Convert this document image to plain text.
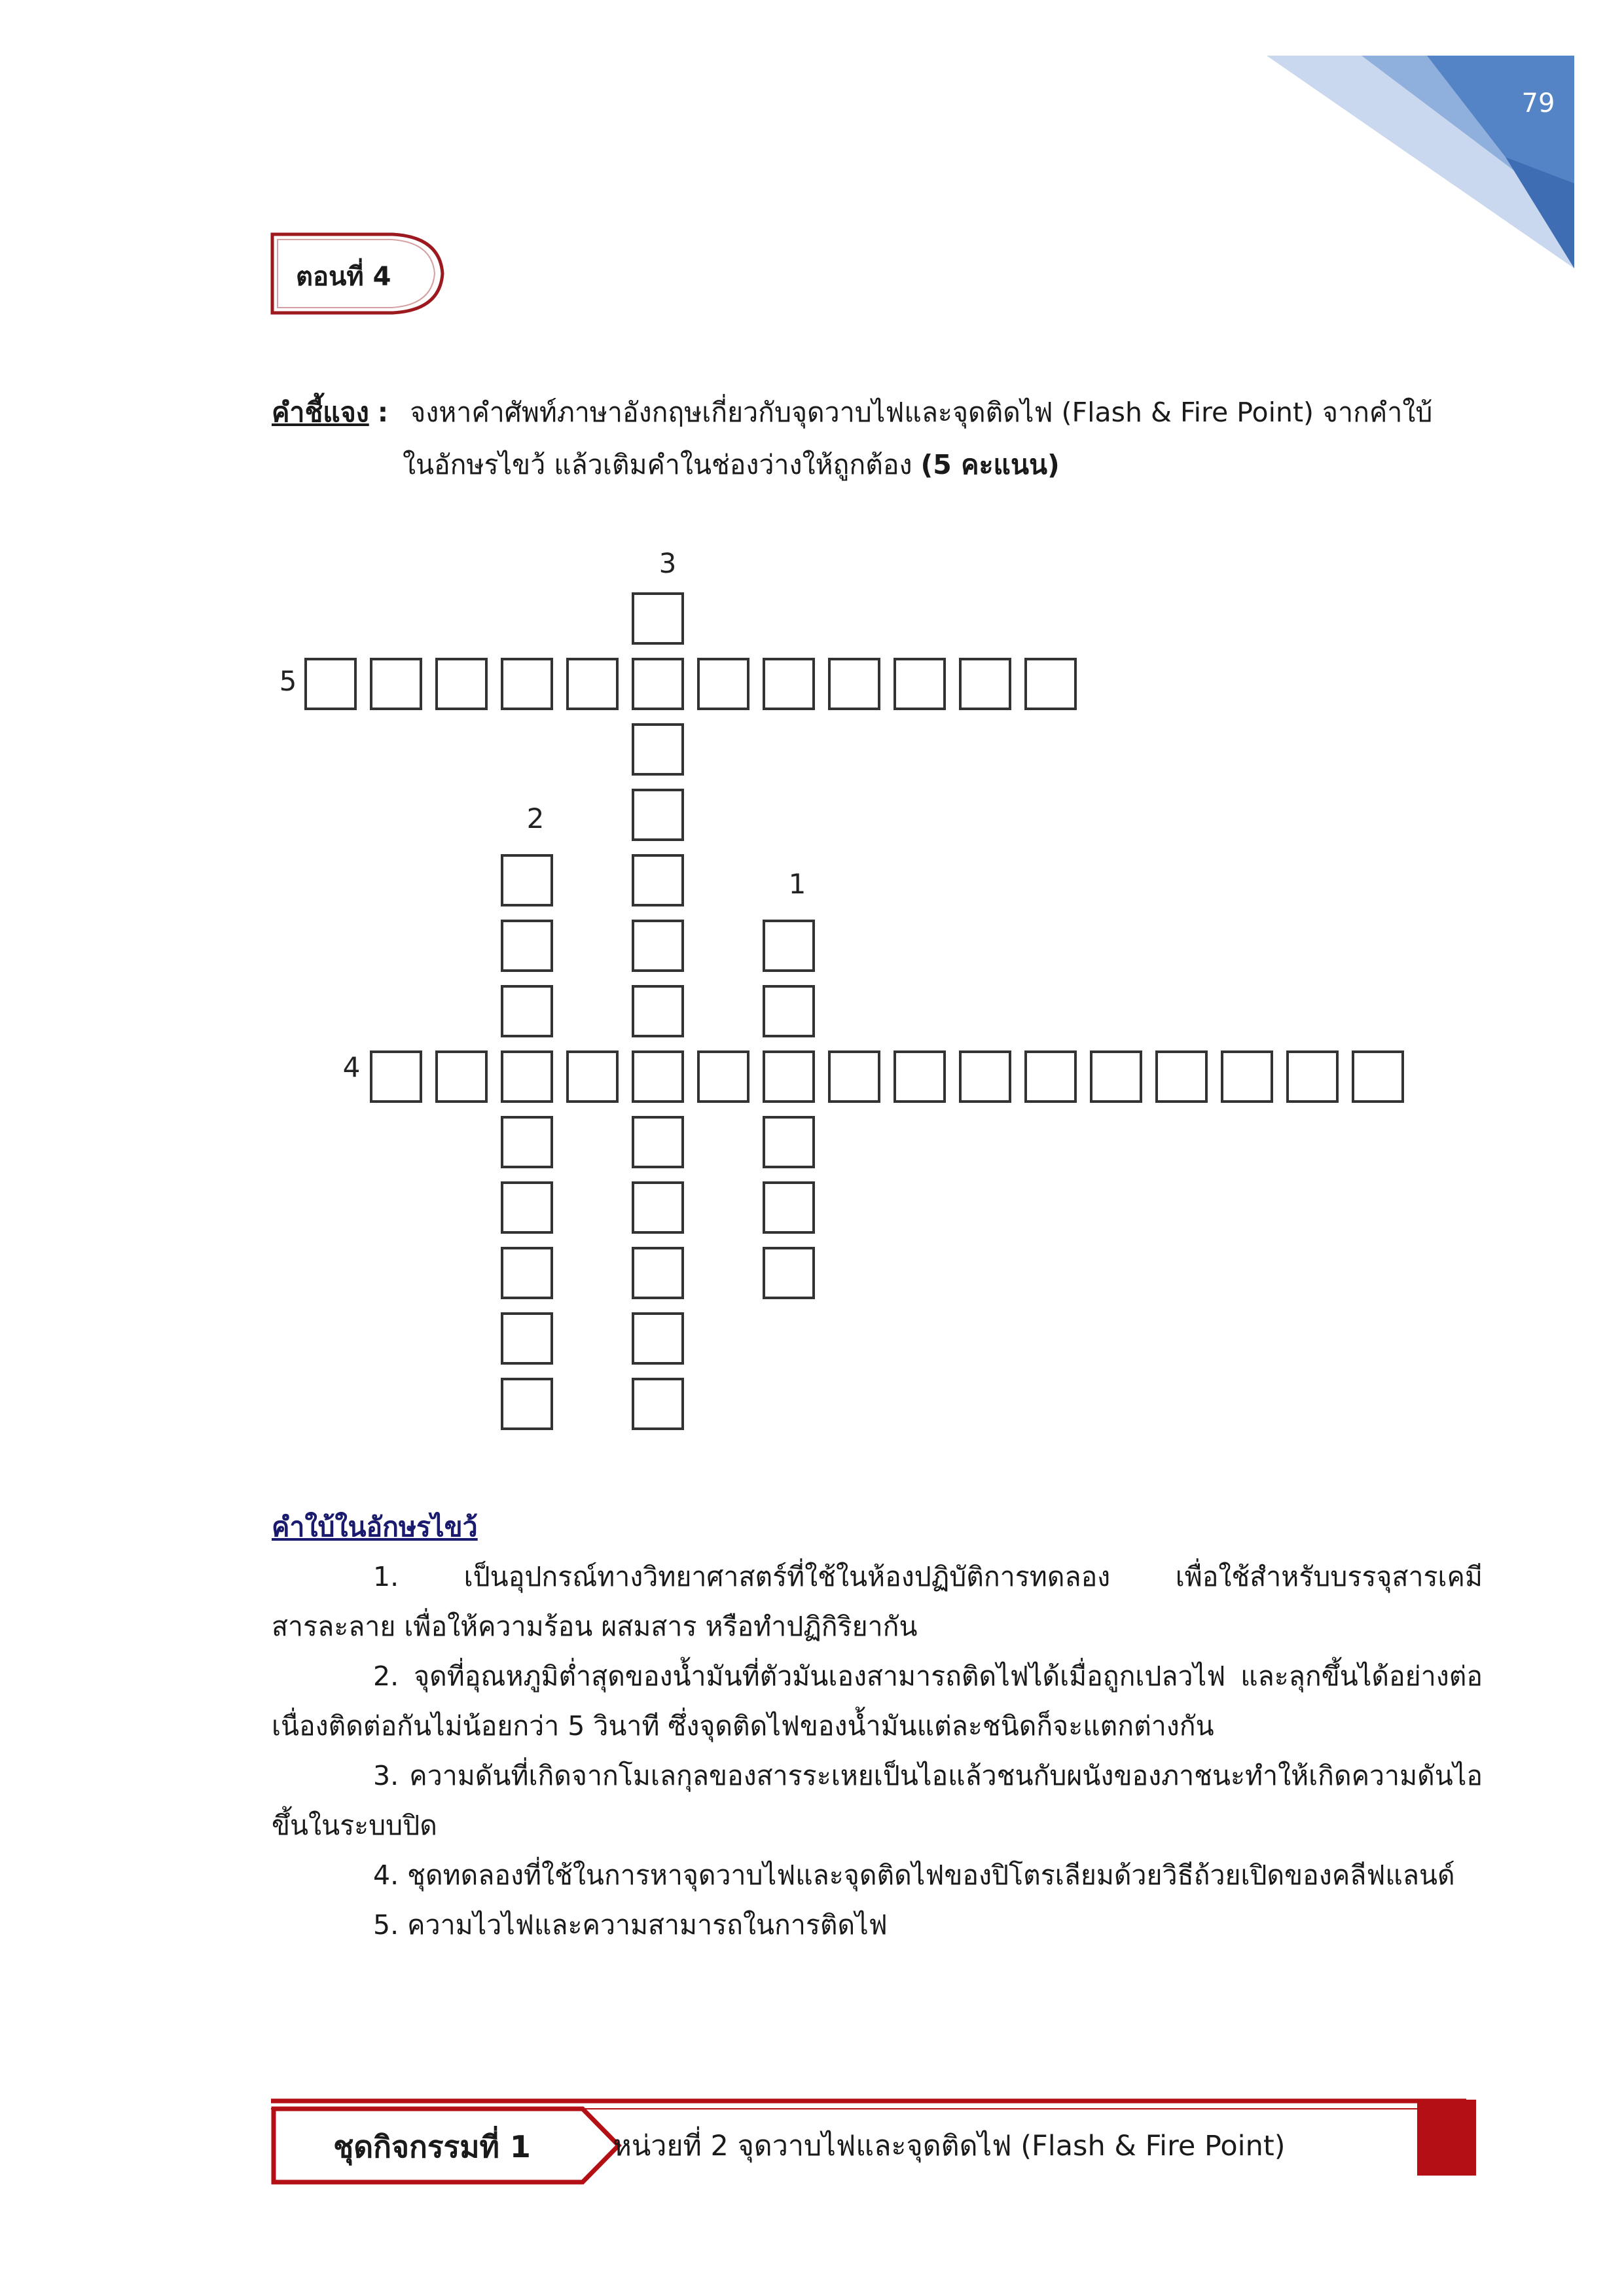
79
ตอนที่ 4
คำชี้แจง : จงหาคำศัพท์ภาษาอังกฤษเกี่ยวกับจุดวาบไฟและจุดติดไฟ (Flash & Fire Point) จากคำใบ้
ในอักษรไขว้ แล้วเติมคำในช่องว่างให้ถูกต้อง (5 คะแนน)
3
5
2
1
4
คำใบ้ในอักษรไขว้
1. เป็นอุปกรณ์ทางวิทยาศาสตร์ที่ใช้ในห้องปฏิบัติการทดลอง เพื่อใช้สำหรับบรรจุสารเคมี สารละลาย เพื่อให้ความร้อน ผสมสาร หรือทำปฏิกิริยากัน
2. จุดที่อุณหภูมิต่ำสุดของน้ำมันที่ตัวมันเองสามารถติดไฟได้เมื่อถูกเปลวไฟ และลุกขึ้นได้อย่างต่อเนื่องติดต่อกันไม่น้อยกว่า 5 วินาที ซึ่งจุดติดไฟของน้ำมันแต่ละชนิดก็จะแตกต่างกัน
3. ความดันที่เกิดจากโมเลกุลของสารระเหยเป็นไอแล้วชนกับผนังของภาชนะทำให้เกิดความดันไอขึ้นในระบบปิด
4. ชุดทดลองที่ใช้ในการหาจุดวาบไฟและจุดติดไฟของปิโตรเลียมด้วยวิธีถ้วยเปิดของคลีฟแลนด์
5. ความไวไฟและความสามารถในการติดไฟ
ชุดกิจกรรมที่ 1	หน่วยที่ 2 จุดวาบไฟและจุดติดไฟ (Flash & Fire Point)
